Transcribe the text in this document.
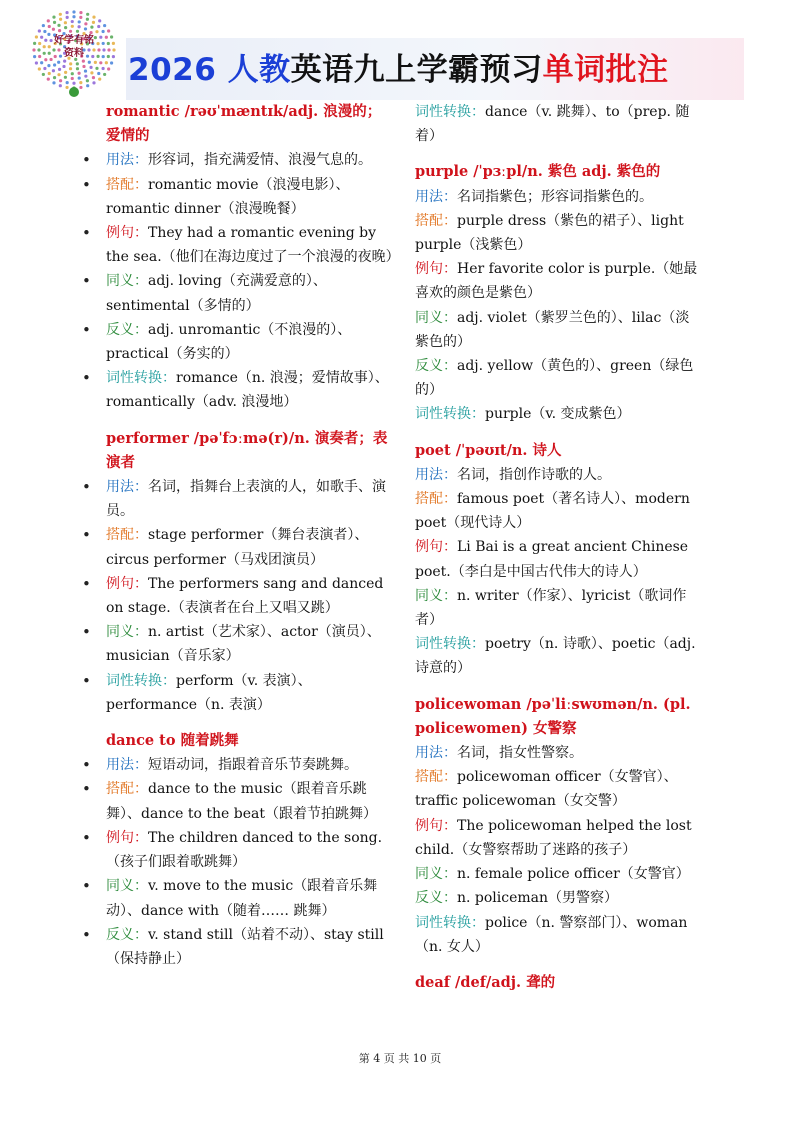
好学有铭
资料	2026 人教英语九上学霸预习单词批注
romantic /rəʊˈmæntɪk/adj. 浪漫的；爱情的
• 用法：形容词，指充满爱情、浪漫气息的。
• 搭配：romantic movie（浪漫电影）、romantic dinner（浪漫晚餐）
• 例句：They had a romantic evening by the sea.（他们在海边度过了一个浪漫的夜晚）
• 同义：adj. loving（充满爱意的）、sentimental（多情的）
• 反义：adj. unromantic（不浪漫的）、practical（务实的）
• 词性转换：romance（n. 浪漫；爱情故事）、romantically（adv. 浪漫地）
performer /pəˈfɔːmə(r)/n. 演奏者；表演者
• 用法：名词，指舞台上表演的人，如歌手、演员。
• 搭配：stage performer（舞台表演者）、circus performer（马戏团演员）
• 例句：The performers sang and danced on stage.（表演者在台上又唱又跳）
• 同义：n. artist（艺术家）、actor（演员）、musician（音乐家）
• 词性转换：perform（v. 表演）、performance（n. 表演）
dance to 随着跳舞
• 用法：短语动词，指跟着音乐节奏跳舞。
• 搭配：dance to the music（跟着音乐跳舞）、dance to the beat（跟着节拍跳舞）
• 例句：The children danced to the song.（孩子们跟着歌跳舞）
• 同义：v. move to the music（跟着音乐舞动）、dance with（随着…… 跳舞）
• 反义：v. stand still（站着不动）、stay still（保持静止）
词性转换：dance（v. 跳舞）、to（prep. 随着）
purple /ˈpɜːpl/n. 紫色 adj. 紫色的
用法：名词指紫色；形容词指紫色的。
搭配：purple dress（紫色的裙子）、light purple（浅紫色）
例句：Her favorite color is purple.（她最喜欢的颜色是紫色）
同义：adj. violet（紫罗兰色的）、lilac（淡紫色的）
反义：adj. yellow（黄色的）、green（绿色的）
词性转换：purple（v. 变成紫色）
poet /ˈpəʊɪt/n. 诗人
用法：名词，指创作诗歌的人。
搭配：famous poet（著名诗人）、modern poet（现代诗人）
例句：Li Bai is a great ancient Chinese poet.（李白是中国古代伟大的诗人）
同义：n. writer（作家）、lyricist（歌词作者）
词性转换：poetry（n. 诗歌）、poetic（adj. 诗意的）
policewoman /pəˈliːswʊmən/n. (pl. policewomen) 女警察
用法：名词，指女性警察。
搭配：policewoman officer（女警官）、traffic policewoman（女交警）
例句：The policewoman helped the lost child.（女警察帮助了迷路的孩子）
同义：n. female police officer（女警官）
反义：n. policeman（男警察）
词性转换：police（n. 警察部门）、woman（n. 女人）
deaf /def/adj. 聋的
第 4 页 共 10 页
